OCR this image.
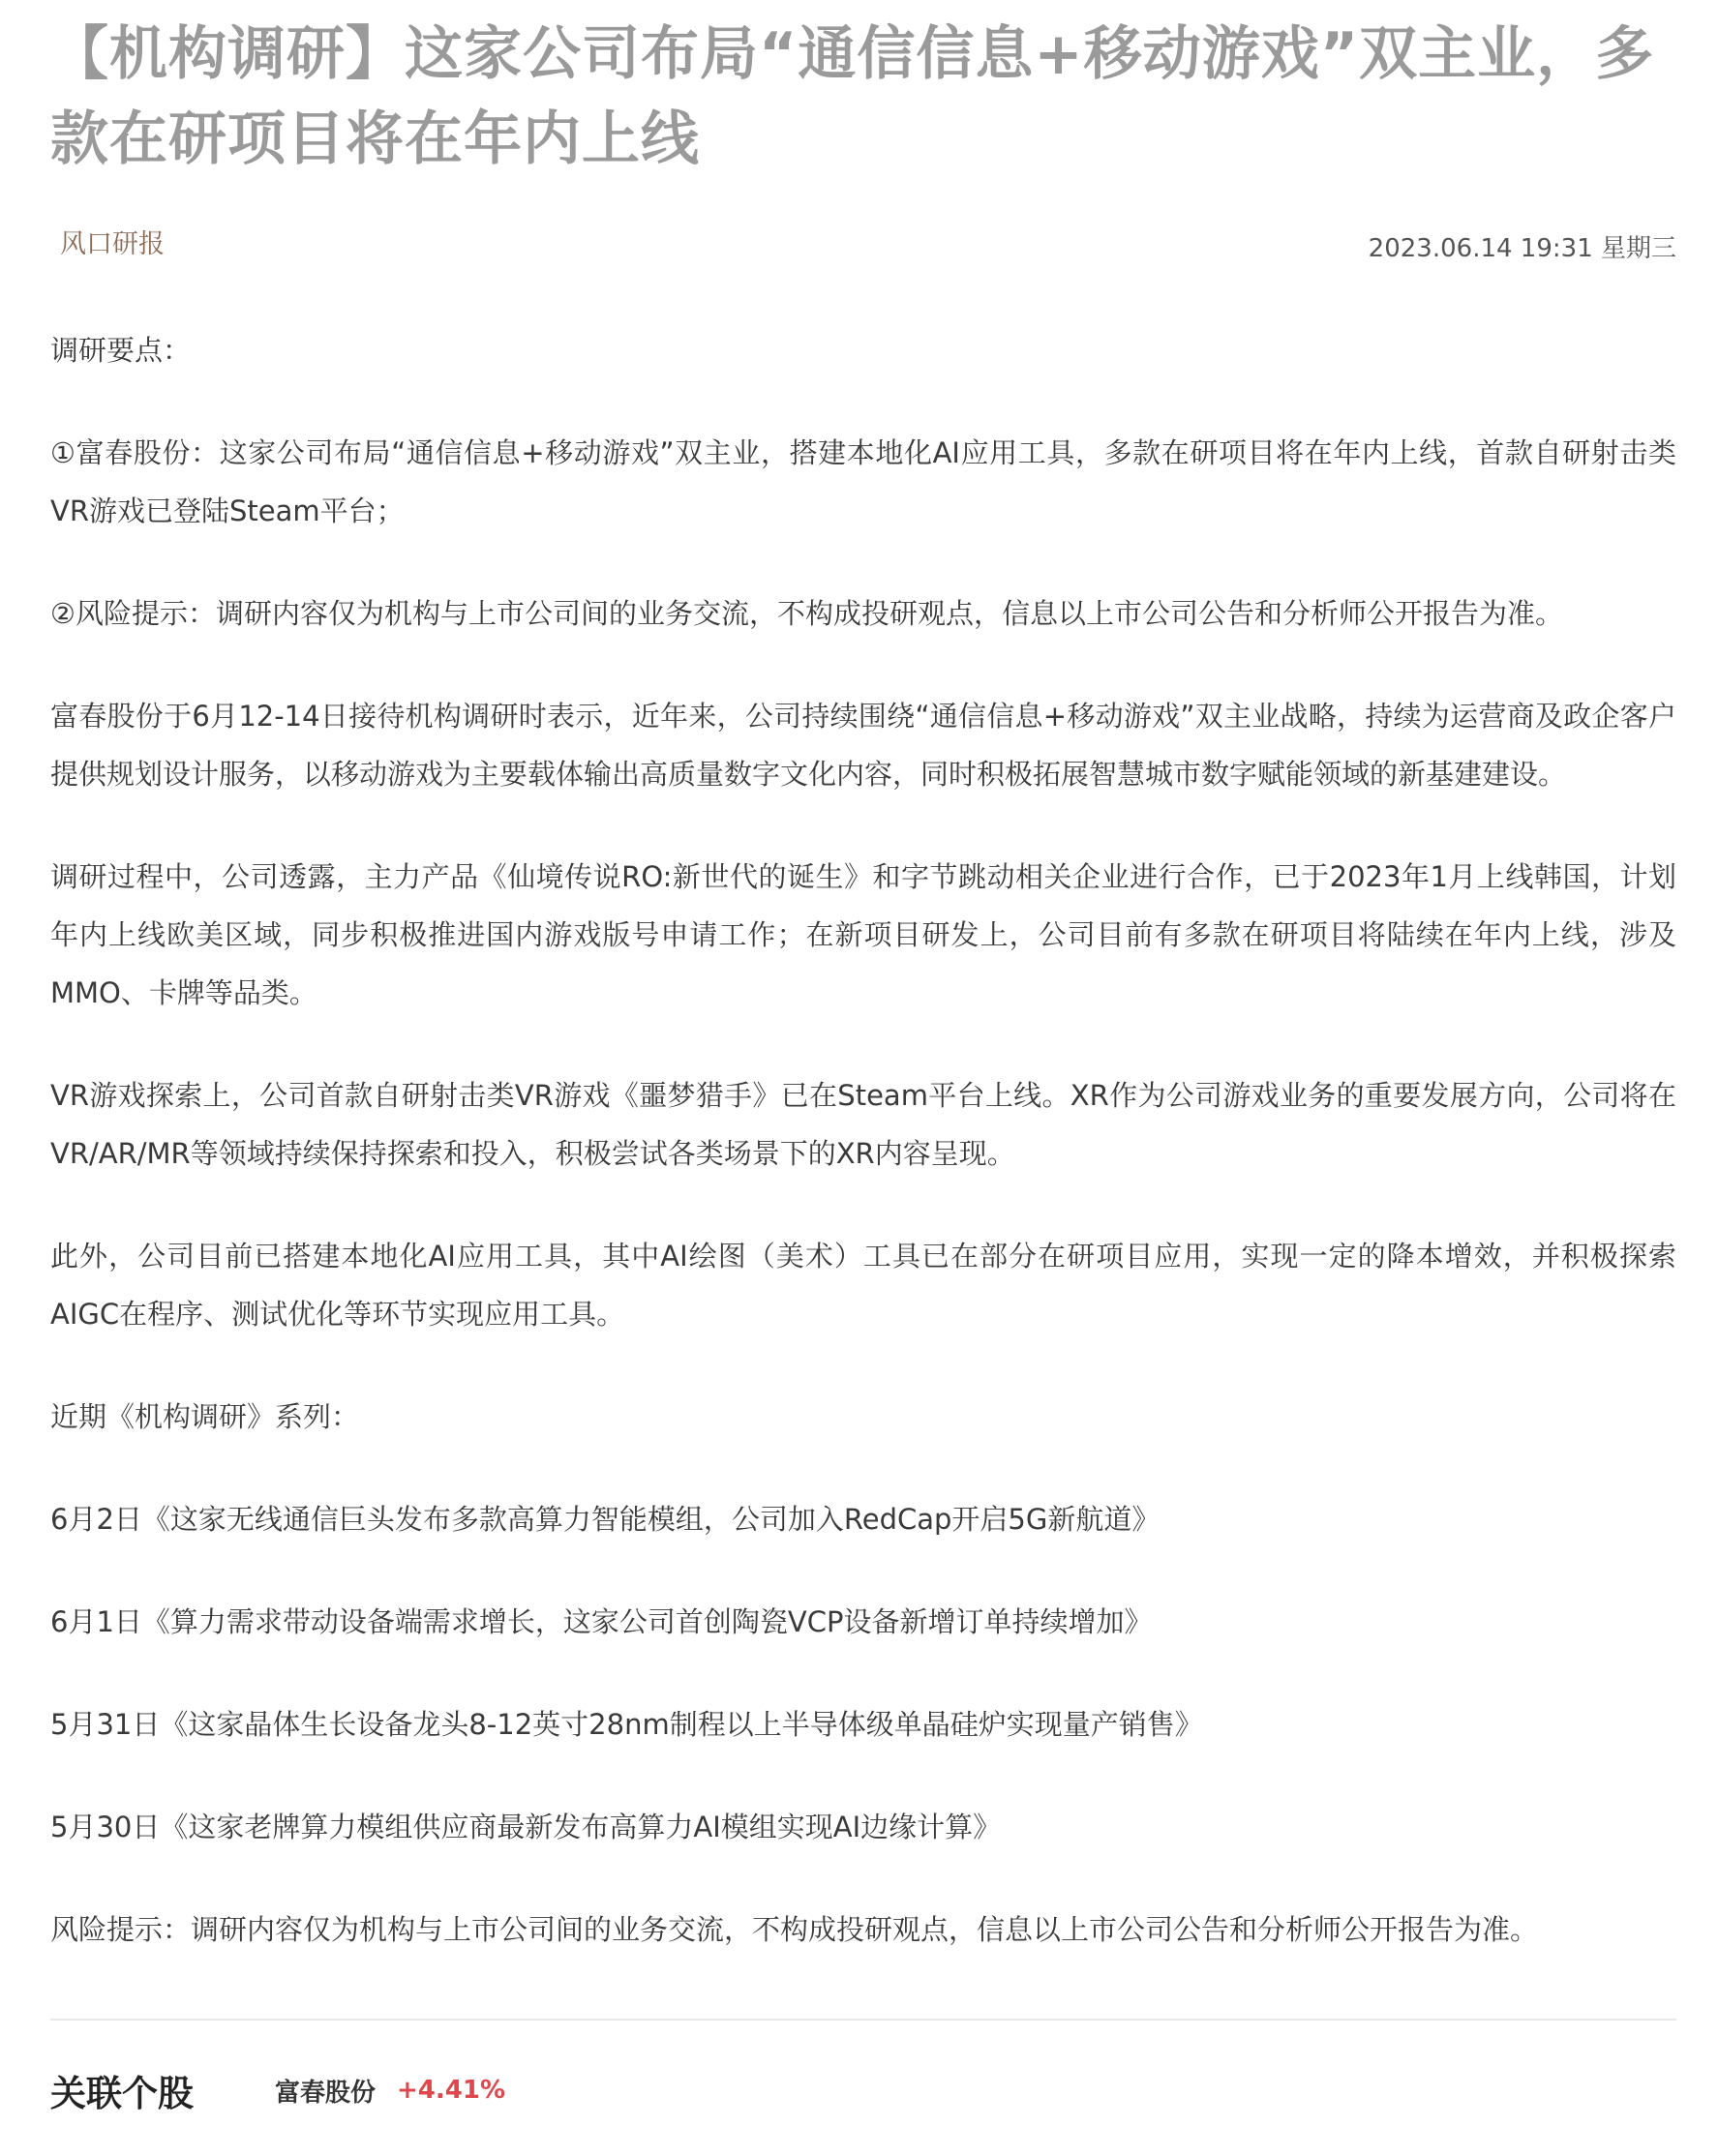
【机构调研】这家公司布局“通信信息+移动游戏”双主业，多款在研项目将在年内上线
风口研报	2023.06.14 19:31 星期三

调研要点：

①富春股份：这家公司布局“通信信息+移动游戏”双主业，搭建本地化AI应用工具，多款在研项目将在年内上线，首款自研射击类VR游戏已登陆Steam平台；

②风险提示：调研内容仅为机构与上市公司间的业务交流，不构成投研观点，信息以上市公司公告和分析师公开报告为准。

富春股份于6月12-14日接待机构调研时表示，近年来，公司持续围绕“通信信息+移动游戏”双主业战略，持续为运营商及政企客户提供规划设计服务，以移动游戏为主要载体输出高质量数字文化内容，同时积极拓展智慧城市数字赋能领域的新基建建设。

调研过程中，公司透露，主力产品《仙境传说RO:新世代的诞生》和字节跳动相关企业进行合作，已于2023年1月上线韩国，计划年内上线欧美区域，同步积极推进国内游戏版号申请工作；在新项目研发上，公司目前有多款在研项目将陆续在年内上线，涉及MMO、卡牌等品类。

VR游戏探索上，公司首款自研射击类VR游戏《噩梦猎手》已在Steam平台上线。XR作为公司游戏业务的重要发展方向，公司将在VR/AR/MR等领域持续保持探索和投入，积极尝试各类场景下的XR内容呈现。

此外，公司目前已搭建本地化AI应用工具，其中AI绘图（美术）工具已在部分在研项目应用，实现一定的降本增效，并积极探索AIGC在程序、测试优化等环节实现应用工具。

近期《机构调研》系列：

6月2日《这家无线通信巨头发布多款高算力智能模组，公司加入RedCap开启5G新航道》

6月1日《算力需求带动设备端需求增长，这家公司首创陶瓷VCP设备新增订单持续增加》

5月31日《这家晶体生长设备龙头8-12英寸28nm制程以上半导体级单晶硅炉实现量产销售》

5月30日《这家老牌算力模组供应商最新发布高算力AI模组实现AI边缘计算》

风险提示：调研内容仅为机构与上市公司间的业务交流，不构成投研观点，信息以上市公司公告和分析师公开报告为准。

关联个股	富春股份 +4.41%
